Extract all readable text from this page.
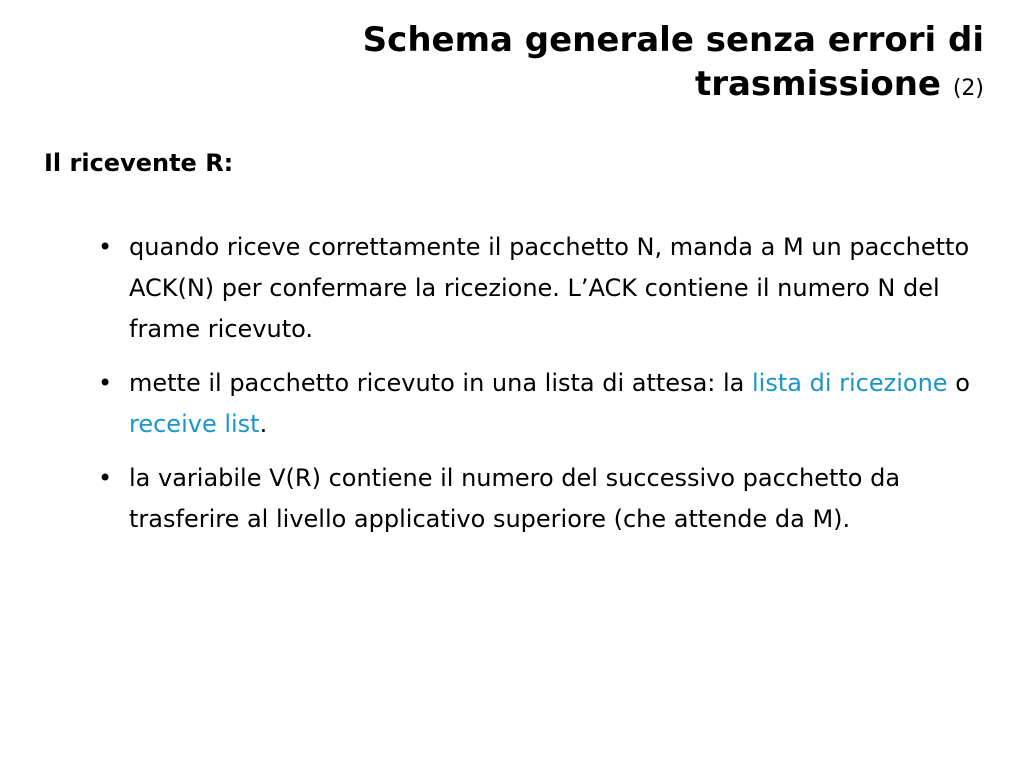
Schema generale senza errori di
trasmissione (2)
Il ricevente R:
• quando riceve correttamente il pacchetto N, manda a M un pacchetto ACK(N) per confermare la ricezione. L’ACK contiene il numero N del frame ricevuto.
• mette il pacchetto ricevuto in una lista di attesa: la lista di ricezione o receive list.
• la variabile V(R) contiene il numero del successivo pacchetto da trasferire al livello applicativo superiore (che attende da M).
